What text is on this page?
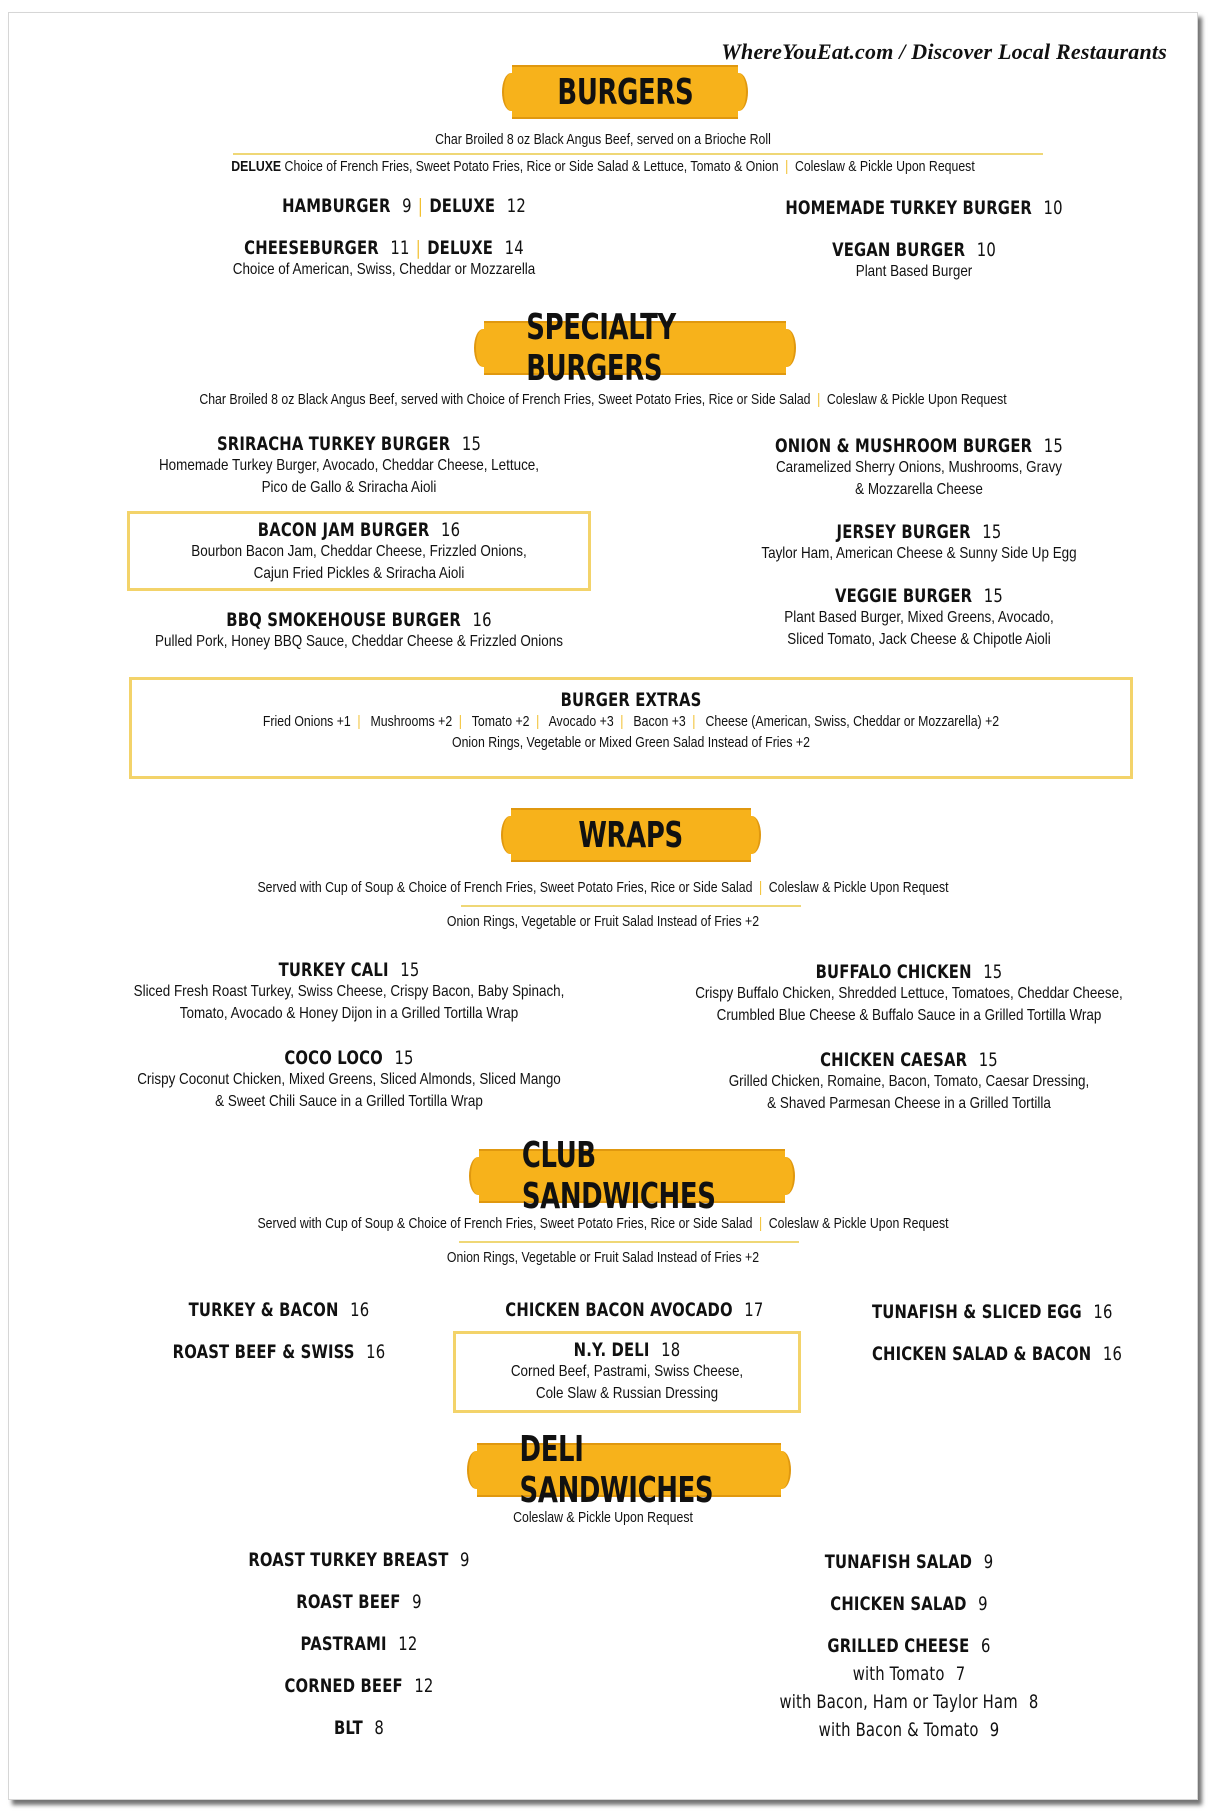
WhereYouEat.com / Discover Local Restaurants
BURGERS
Char Broiled 8 oz Black Angus Beef, served on a Brioche Roll
DELUXE Choice of French Fries, Sweet Potato Fries, Rice or Side Salad & Lettuce, Tomato & Onion | Coleslaw & Pickle Upon Request
HAMBURGER 9 | DELUXE 12
CHEESEBURGER 11 | DELUXE 14
Choice of American, Swiss, Cheddar or Mozzarella
HOMEMADE TURKEY BURGER 10
VEGAN BURGER 10
Plant Based Burger
SPECIALTY BURGERS
Char Broiled 8 oz Black Angus Beef, served with Choice of French Fries, Sweet Potato Fries, Rice or Side Salad | Coleslaw & Pickle Upon Request
SRIRACHA TURKEY BURGER 15
Homemade Turkey Burger, Avocado, Cheddar Cheese, Lettuce,
Pico de Gallo & Sriracha Aioli
BACON JAM BURGER 16
Bourbon Bacon Jam, Cheddar Cheese, Frizzled Onions,
Cajun Fried Pickles & Sriracha Aioli
BBQ SMOKEHOUSE BURGER 16
Pulled Pork, Honey BBQ Sauce, Cheddar Cheese & Frizzled Onions
ONION & MUSHROOM BURGER 15
Caramelized Sherry Onions, Mushrooms, Gravy
& Mozzarella Cheese
JERSEY BURGER 15
Taylor Ham, American Cheese & Sunny Side Up Egg
VEGGIE BURGER 15
Plant Based Burger, Mixed Greens, Avocado,
Sliced Tomato, Jack Cheese & Chipotle Aioli
BURGER EXTRAS
Fried Onions +1 | Mushrooms +2 | Tomato +2 | Avocado +3 | Bacon +3 | Cheese (American, Swiss, Cheddar or Mozzarella) +2
Onion Rings, Vegetable or Mixed Green Salad Instead of Fries +2
WRAPS
Served with Cup of Soup & Choice of French Fries, Sweet Potato Fries, Rice or Side Salad | Coleslaw & Pickle Upon Request
Onion Rings, Vegetable or Fruit Salad Instead of Fries +2
TURKEY CALI 15
Sliced Fresh Roast Turkey, Swiss Cheese, Crispy Bacon, Baby Spinach,
Tomato, Avocado & Honey Dijon in a Grilled Tortilla Wrap
COCO LOCO 15
Crispy Coconut Chicken, Mixed Greens, Sliced Almonds, Sliced Mango
& Sweet Chili Sauce in a Grilled Tortilla Wrap
BUFFALO CHICKEN 15
Crispy Buffalo Chicken, Shredded Lettuce, Tomatoes, Cheddar Cheese,
Crumbled Blue Cheese & Buffalo Sauce in a Grilled Tortilla Wrap
CHICKEN CAESAR 15
Grilled Chicken, Romaine, Bacon, Tomato, Caesar Dressing,
& Shaved Parmesan Cheese in a Grilled Tortilla
CLUB SANDWICHES
Served with Cup of Soup & Choice of French Fries, Sweet Potato Fries, Rice or Side Salad | Coleslaw & Pickle Upon Request
Onion Rings, Vegetable or Fruit Salad Instead of Fries +2
TURKEY & BACON 16
ROAST BEEF & SWISS 16
CHICKEN BACON AVOCADO 17
N.Y. DELI 18
Corned Beef, Pastrami, Swiss Cheese,
Cole Slaw & Russian Dressing
TUNAFISH & SLICED EGG 16
CHICKEN SALAD & BACON 16
DELI SANDWICHES
Coleslaw & Pickle Upon Request
ROAST TURKEY BREAST 9
ROAST BEEF 9
PASTRAMI 12
CORNED BEEF 12
BLT 8
TUNAFISH SALAD 9
CHICKEN SALAD 9
GRILLED CHEESE 6
with Tomato 7
with Bacon, Ham or Taylor Ham 8
with Bacon & Tomato 9
